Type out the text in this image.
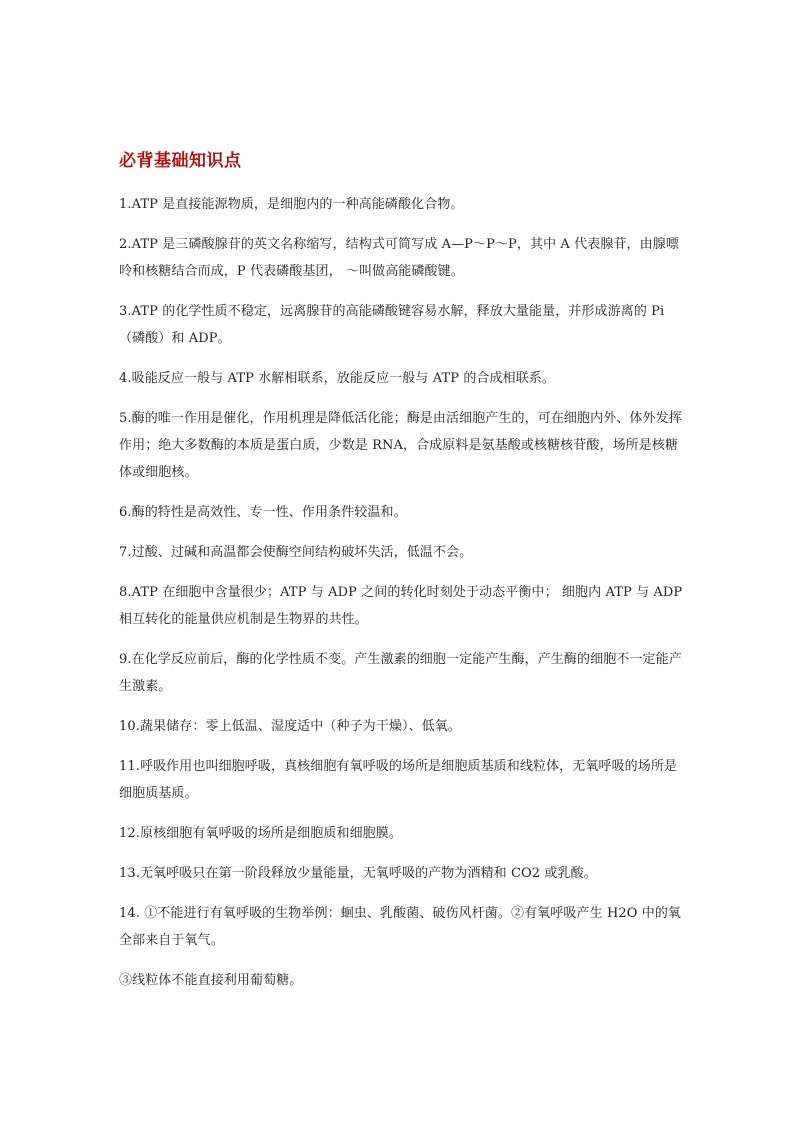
必背基础知识点

1.ATP 是直接能源物质，是细胞内的一种高能磷酸化合物。

2.ATP 是三磷酸腺苷的英文名称缩写，结构式可简写成 A—P～P～P，其中 A 代表腺苷，由腺嘌呤和核糖结合而成，P 代表磷酸基团， ～叫做高能磷酸键。

3.ATP 的化学性质不稳定，远离腺苷的高能磷酸键容易水解，释放大量能量，并形成游离的 Pi（磷酸）和 ADP。

4.吸能反应一般与 ATP 水解相联系，放能反应一般与 ATP 的合成相联系。

5.酶的唯一作用是催化，作用机理是降低活化能；酶是由活细胞产生的，可在细胞内外、体外发挥作用；绝大多数酶的本质是蛋白质，少数是 RNA，合成原料是氨基酸或核糖核苷酸，场所是核糖体或细胞核。

6.酶的特性是高效性、专一性、作用条件较温和。

7.过酸、过碱和高温都会使酶空间结构破坏失活，低温不会。

8.ATP 在细胞中含量很少；ATP 与 ADP 之间的转化时刻处于动态平衡中； 细胞内 ATP 与 ADP 相互转化的能量供应机制是生物界的共性。

9.在化学反应前后，酶的化学性质不变。产生激素的细胞一定能产生酶，产生酶的细胞不一定能产生激素。

10.蔬果储存：零上低温、湿度适中（种子为干燥）、低氧。

11.呼吸作用也叫细胞呼吸，真核细胞有氧呼吸的场所是细胞质基质和线粒体，无氧呼吸的场所是细胞质基质。

12.原核细胞有氧呼吸的场所是细胞质和细胞膜。

13.无氧呼吸只在第一阶段释放少量能量，无氧呼吸的产物为酒精和 CO2 或乳酸。

14. ①不能进行有氧呼吸的生物举例：蛔虫、乳酸菌、破伤风杆菌。②有氧呼吸产生 H2O 中的氧全部来自于氧气。

③线粒体不能直接利用葡萄糖。
